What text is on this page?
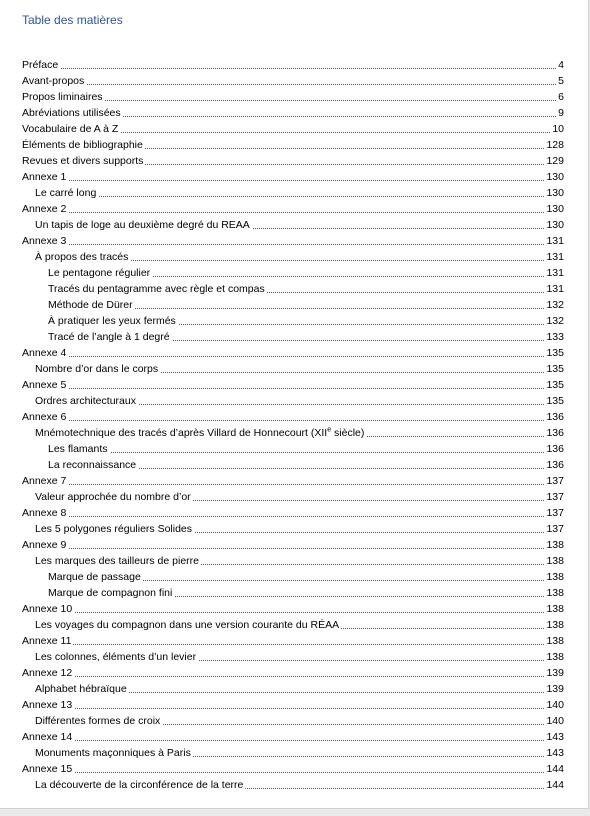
Table des matières
Préface	4
Avant-propos	5
Propos liminaires	6
Abréviations utilisées	9
Vocabulaire de A à Z	10
Éléments de bibliographie	128
Revues et divers supports	129
Annexe 1	130
Le carré long	130
Annexe 2	130
Un tapis de loge au deuxième degré du REAA	130
Annexe 3	131
À propos des tracés	131
Le pentagone régulier	131
Tracés du pentagramme avec règle et compas	131
Méthode de Dürer	132
À pratiquer les yeux fermés	132
Tracé de l’angle à 1 degré	133
Annexe 4	135
Nombre d’or dans le corps	135
Annexe 5	135
Ordres architecturaux	135
Annexe 6	136
Mnémotechnique des tracés d’après Villard de Honnecourt (XIIe siècle)	136
Les flamants	136
La reconnaissance	136
Annexe 7	137
Valeur approchée du nombre d’or	137
Annexe 8	137
Les 5 polygones réguliers Solides	137
Annexe 9	138
Les marques des tailleurs de pierre	138
Marque de passage	138
Marque de compagnon fini	138
Annexe 10	138
Les voyages du compagnon dans une version courante du RÉAA	138
Annexe 11	138
Les colonnes, éléments d’un levier	138
Annexe 12	139
Alphabet hébraïque	139
Annexe 13	140
Différentes formes de croix	140
Annexe 14	143
Monuments maçonniques à Paris	143
Annexe 15	144
La découverte de la circonférence de la terre	144
